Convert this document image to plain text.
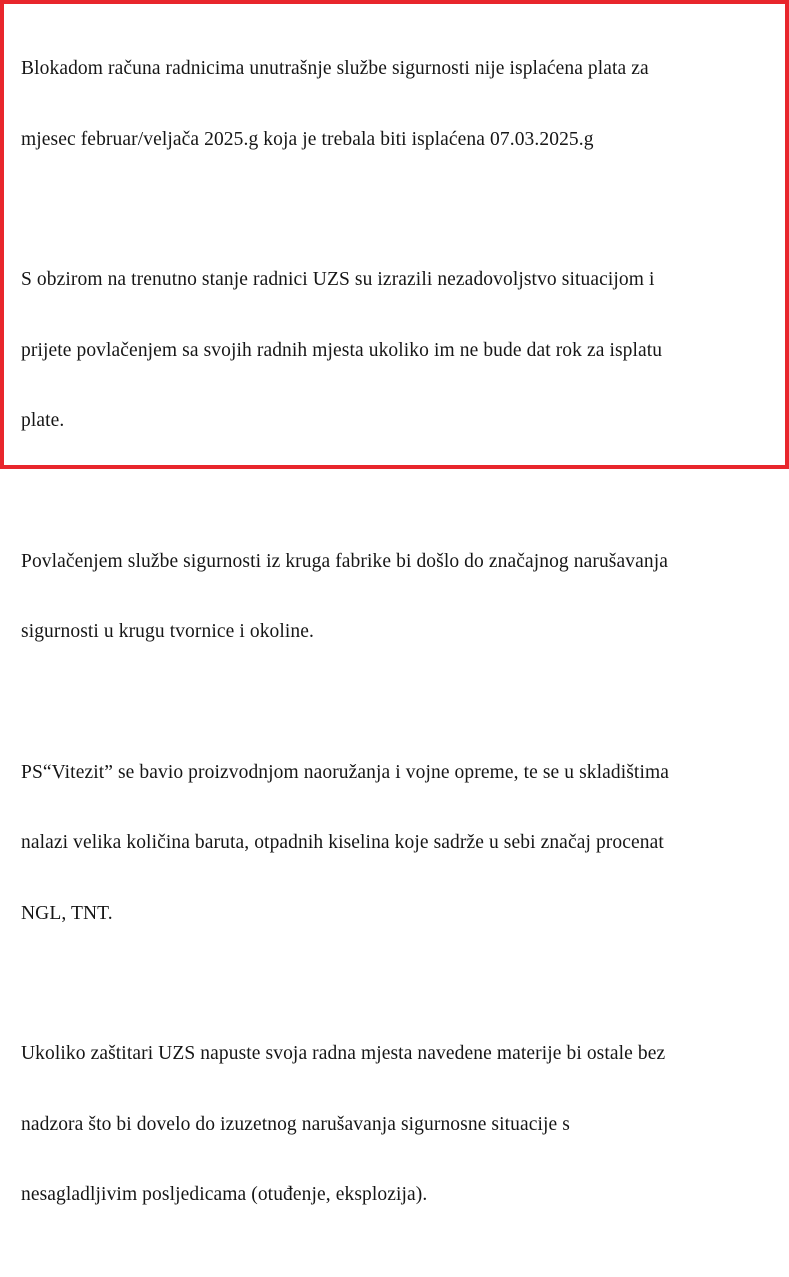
Blokadom računa radnicima unutrašnje službe sigurnosti nije isplaćena plata za

mjesec februar/veljača 2025.g koja je trebala biti isplaćena 07.03.2025.g

S obzirom na trenutno stanje radnici UZS su izrazili nezadovoljstvo situacijom i

prijete povlačenjem sa svojih radnih mjesta ukoliko im ne bude dat rok za isplatu

plate.

Povlačenjem službe sigurnosti iz kruga fabrike bi došlo do značajnog narušavanja

sigurnosti u krugu tvornice i okoline.

PS“Vitezit” se bavio proizvodnjom naoružanja i vojne opreme, te se u skladištima

nalazi velika količina baruta, otpadnih kiselina koje sadrže u sebi značaj procenat

NGL, TNT.

Ukoliko zaštitari UZS napuste svoja radna mjesta navedene materije bi ostale bez

nadzora što bi dovelo do izuzetnog narušavanja sigurnosne situacije s

nesagladljivim posljedicama (otuđenje, eksplozija).
